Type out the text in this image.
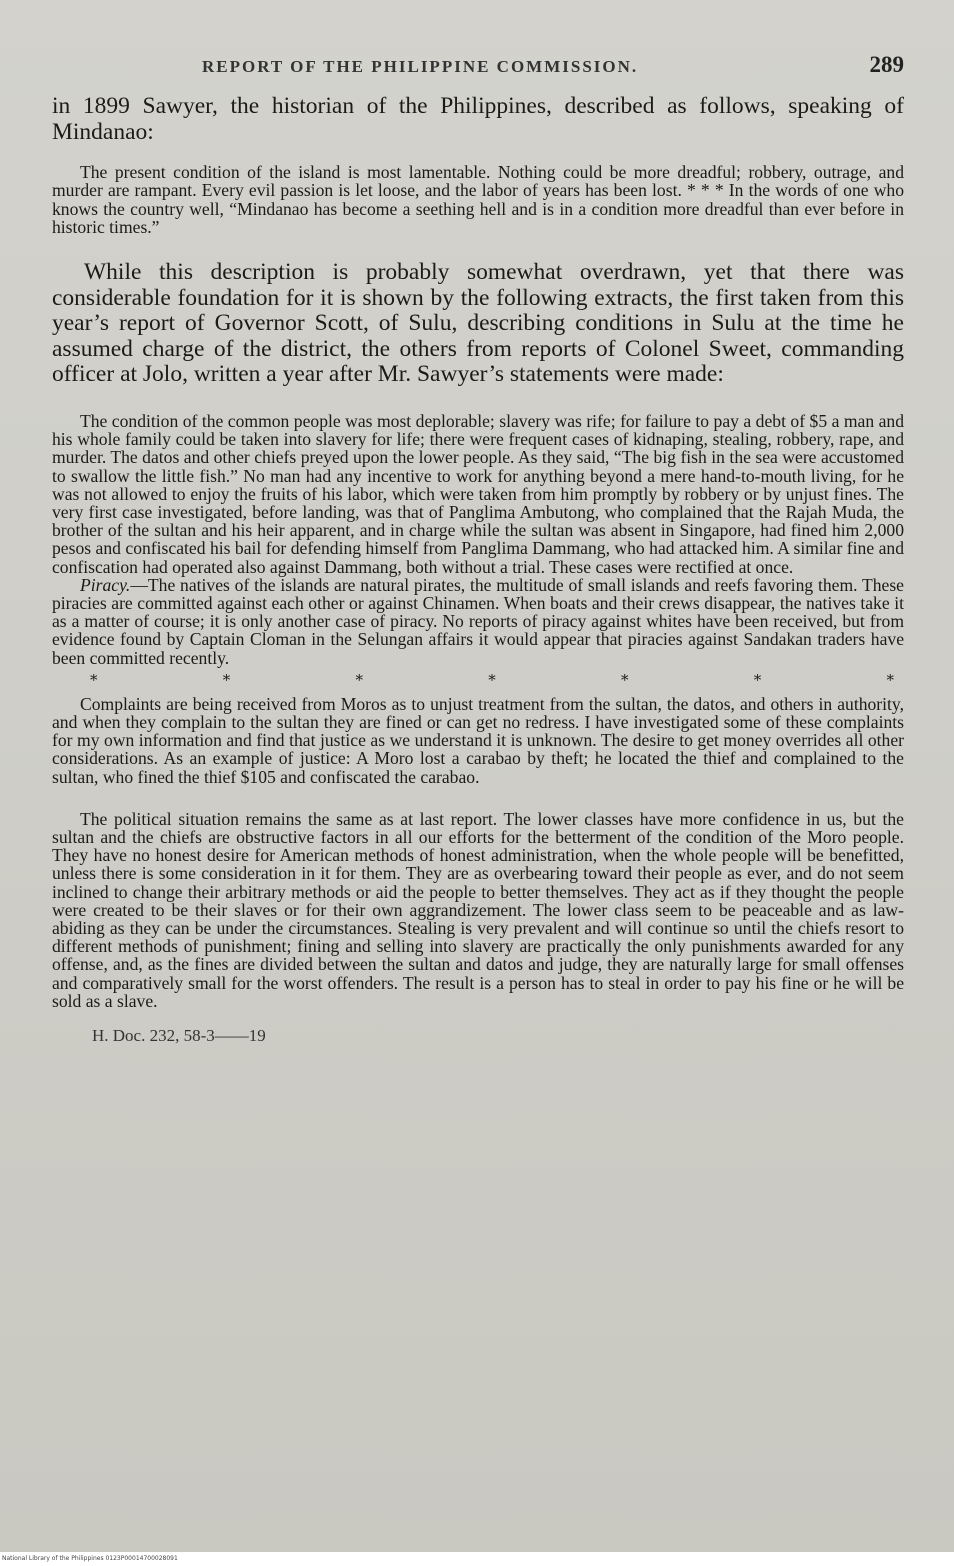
REPORT OF THE PHILIPPINE COMMISSION.	289

in 1899 Sawyer, the historian of the Philippines, described as follows, speaking of Mindanao:

The present condition of the island is most lamentable. Nothing could be more dreadful; robbery, outrage, and murder are rampant. Every evil passion is let loose, and the labor of years has been lost. * * * In the words of one who knows the country well, “Mindanao has become a seething hell and is in a condition more dreadful than ever before in historic times.”

While this description is probably somewhat overdrawn, yet that there was considerable foundation for it is shown by the following extracts, the first taken from this year’s report of Governor Scott, of Sulu, describing conditions in Sulu at the time he assumed charge of the district, the others from reports of Colonel Sweet, commanding officer at Jolo, written a year after Mr. Sawyer’s statements were made:

The condition of the common people was most deplorable; slavery was rife; for failure to pay a debt of $5 a man and his whole family could be taken into slavery for life; there were frequent cases of kidnaping, stealing, robbery, rape, and murder. The datos and other chiefs preyed upon the lower people. As they said, “The big fish in the sea were accustomed to swallow the little fish.” No man had any incentive to work for anything beyond a mere hand-to-mouth living, for he was not allowed to enjoy the fruits of his labor, which were taken from him promptly by robbery or by unjust fines. The very first case investigated, before landing, was that of Panglima Ambutong, who complained that the Rajah Muda, the brother of the sultan and his heir apparent, and in charge while the sultan was absent in Singapore, had fined him 2,000 pesos and confiscated his bail for defending himself from Panglima Dammang, who had attacked him. A similar fine and confiscation had operated also against Dammang, both without a trial. These cases were rectified at once.

Piracy.—The natives of the islands are natural pirates, the multitude of small islands and reefs favoring them. These piracies are committed against each other or against Chinamen. When boats and their crews disappear, the natives take it as a matter of course; it is only another case of piracy. No reports of piracy against whites have been received, but from evidence found by Captain Cloman in the Selungan affairs it would appear that piracies against Sandakan traders have been committed recently.

*	*	*	*	*	*	*

Complaints are being received from Moros as to unjust treatment from the sultan, the datos, and others in authority, and when they complain to the sultan they are fined or can get no redress. I have investigated some of these complaints for my own information and find that justice as we understand it is unknown. The desire to get money overrides all other considerations. As an example of justice: A Moro lost a carabao by theft; he located the thief and complained to the sultan, who fined the thief $105 and confiscated the carabao.

The political situation remains the same as at last report. The lower classes have more confidence in us, but the sultan and the chiefs are obstructive factors in all our efforts for the betterment of the condition of the Moro people. They have no honest desire for American methods of honest administration, when the whole people will be benefitted, unless there is some consideration in it for them. They are as overbearing toward their people as ever, and do not seem inclined to change their arbitrary methods or aid the people to better themselves. They act as if they thought the people were created to be their slaves or for their own aggrandizement. The lower class seem to be peaceable and as law-abiding as they can be under the circumstances. Stealing is very prevalent and will continue so until the chiefs resort to different methods of punishment; fining and selling into slavery are practically the only punishments awarded for any offense, and, as the fines are divided between the sultan and datos and judge, they are naturally large for small offenses and comparatively small for the worst offenders. The result is a person has to steal in order to pay his fine or he will be sold as a slave.

H. Doc. 232, 58-3——19
National Library of the Philippines 0123P00014700028091
